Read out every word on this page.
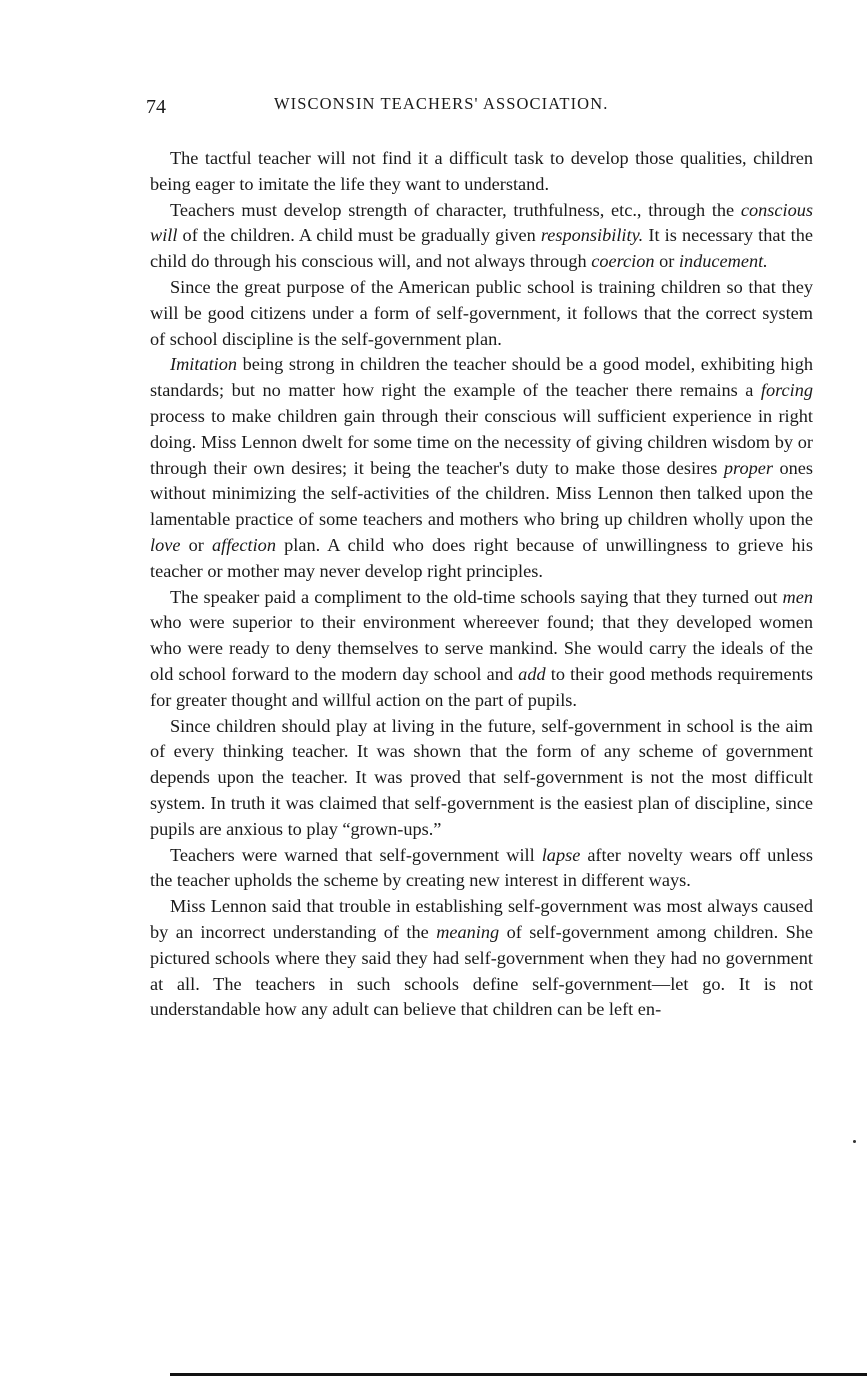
74	WISCONSIN TEACHERS' ASSOCIATION.

The tactful teacher will not find it a difficult task to develop those qualities, children being eager to imitate the life they want to understand.

Teachers must develop strength of character, truthfulness, etc., through the conscious will of the children. A child must be gradually given responsibility. It is necessary that the child do through his conscious will, and not always through coercion or inducement.

Since the great purpose of the American public school is training children so that they will be good citizens under a form of self-government, it follows that the correct system of school discipline is the self-government plan.

Imitation being strong in children the teacher should be a good model, exhibiting high standards; but no matter how right the example of the teacher there remains a forcing process to make children gain through their conscious will sufficient experience in right doing. Miss Lennon dwelt for some time on the necessity of giving children wisdom by or through their own desires; it being the teacher's duty to make those desires proper ones without minimizing the self-activities of the children. Miss Lennon then talked upon the lamentable practice of some teachers and mothers who bring up children wholly upon the love or affection plan. A child who does right because of unwillingness to grieve his teacher or mother may never develop right principles.

The speaker paid a compliment to the old-time schools saying that they turned out men who were superior to their environment whereever found; that they developed women who were ready to deny themselves to serve mankind. She would carry the ideals of the old school forward to the modern day school and add to their good methods requirements for greater thought and willful action on the part of pupils.

Since children should play at living in the future, self-government in school is the aim of every thinking teacher. It was shown that the form of any scheme of government depends upon the teacher. It was proved that self-government is not the most difficult system. In truth it was claimed that self-government is the easiest plan of discipline, since pupils are anxious to play “grown-ups.”

Teachers were warned that self-government will lapse after novelty wears off unless the teacher upholds the scheme by creating new interest in different ways.

Miss Lennon said that trouble in establishing self-government was most always caused by an incorrect understanding of the meaning of self-government among children. She pictured schools where they said they had self-government when they had no government at all. The teachers in such schools define self-government—let go. It is not understandable how any adult can believe that children can be left en-
